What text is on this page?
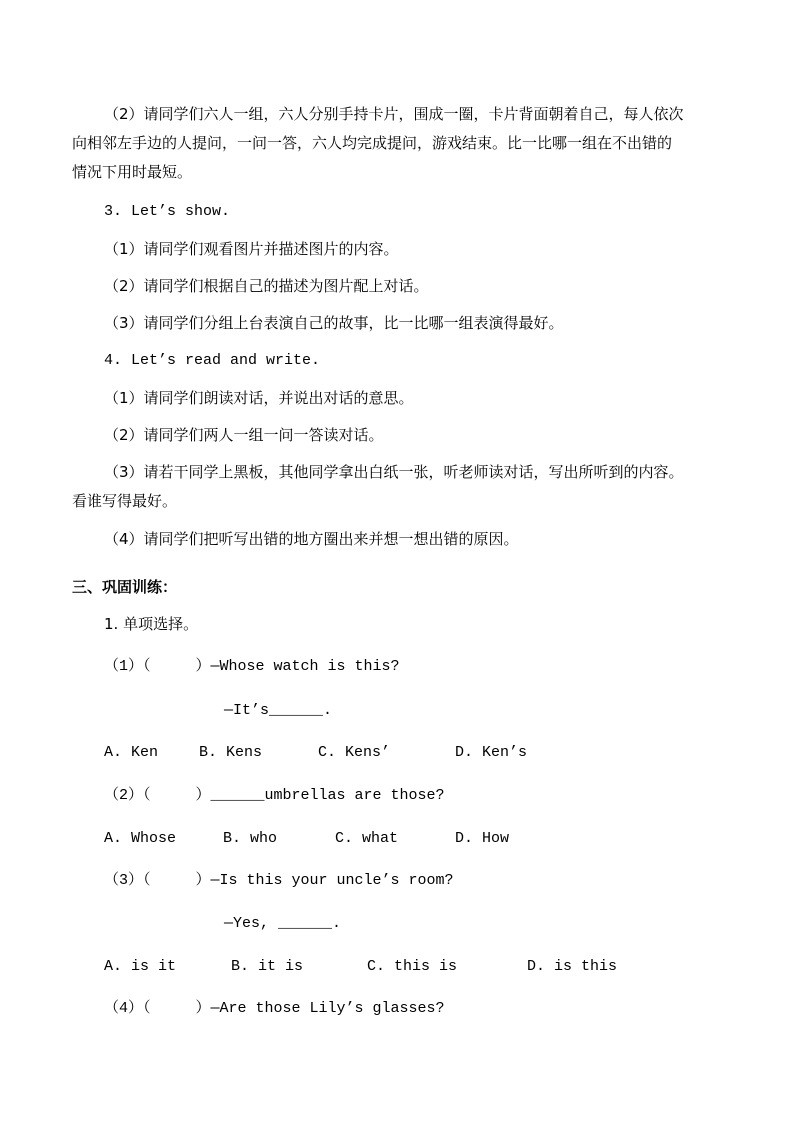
（2）请同学们六人一组，六人分别手持卡片，围成一圈，卡片背面朝着自己，每人依次
向相邻左手边的人提问，一问一答，六人均完成提问，游戏结束。比一比哪一组在不出错的
情况下用时最短。
3. Let’s show.
（1）请同学们观看图片并描述图片的内容。
（2）请同学们根据自己的描述为图片配上对话。
（3）请同学们分组上台表演自己的故事，比一比哪一组表演得最好。
4. Let’s read and write.
（1）请同学们朗读对话，并说出对话的意思。
（2）请同学们两人一组一问一答读对话。
（3）请若干同学上黑板，其他同学拿出白纸一张，听老师读对话，写出所听到的内容。
看谁写得最好。
（4）请同学们把听写出错的地方圈出来并想一想出错的原因。
三、巩固训练：
1. 单项选择。
（1）（     ）—Whose watch is this?
—It’s______.
A. Ken	B. Kens	C. Kens’	D. Ken’s
（2）（     ）______umbrellas are those?
A. Whose	B. who	C. what	D. How
（3）（     ）—Is this your uncle’s room?
—Yes, ______.
A. is it	B. it is	C. this is	D. is this
（4）（     ）—Are those Lily’s glasses?
